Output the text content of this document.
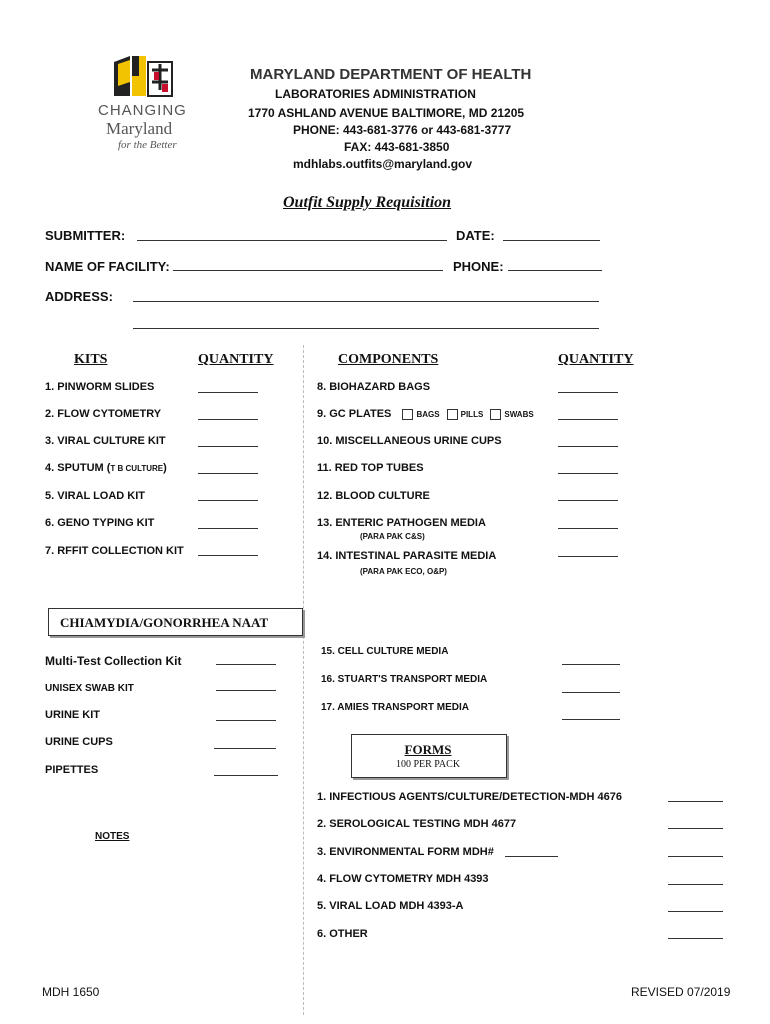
CHANGING
Maryland
for the Better
MARYLAND DEPARTMENT OF HEALTH
LABORATORIES ADMINISTRATION
1770 ASHLAND AVENUE BALTIMORE, MD 21205
PHONE: 443-681-3776 or 443-681-3777
FAX: 443-681-3850
mdhlabs.outfits@maryland.gov
Outfit Supply Requisition
SUBMITTER:	DATE:
NAME OF FACILITY:	PHONE:
ADDRESS:
KITS	QUANTITY	COMPONENTS	QUANTITY
1. PINWORM SLIDES
2. FLOW CYTOMETRY
3. VIRAL CULTURE KIT
4. SPUTUM (T B CULTURE)
5. VIRAL LOAD KIT
6. GENO TYPING KIT
7. RFFIT COLLECTION KIT
8. BIOHAZARD BAGS
9. GC PLATES	BAGS	PILLS	SWABS
10. MISCELLANEOUS URINE CUPS
11. RED TOP TUBES
12. BLOOD CULTURE
13. ENTERIC PATHOGEN MEDIA
(PARA PAK C&S)
14. INTESTINAL PARASITE MEDIA
(PARA PAK ECO, O&P)
CHIAMYDIA/GONORRHEA NAAT
Multi-Test Collection Kit
UNISEX SWAB KIT
URINE KIT
URINE CUPS
PIPETTES
NOTES
15. CELL CULTURE MEDIA
16. STUART'S TRANSPORT MEDIA
17. AMIES TRANSPORT MEDIA
FORMS
100 PER PACK
1. INFECTIOUS AGENTS/CULTURE/DETECTION-MDH 4676
2. SEROLOGICAL TESTING MDH 4677
3. ENVIRONMENTAL FORM MDH#
4. FLOW CYTOMETRY MDH 4393
5. VIRAL LOAD MDH 4393-A
6. OTHER
MDH 1650	REVISED 07/2019
